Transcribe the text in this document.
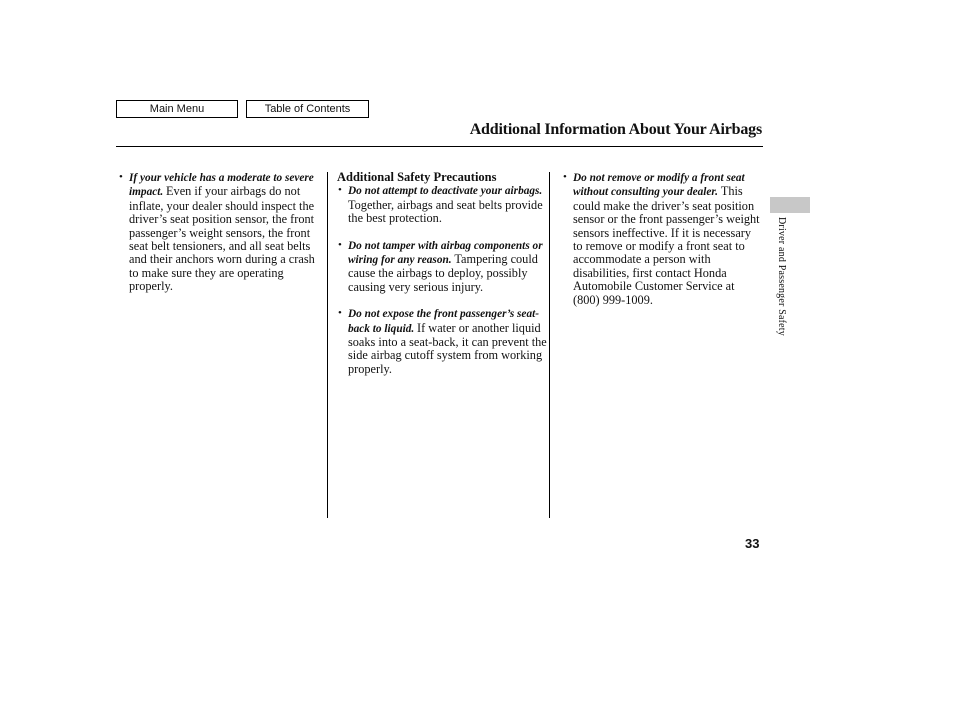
Main Menu	Table of Contents
Additional Information About Your Airbags
• If your vehicle has a moderate to severe impact. Even if your airbags do not inflate, your dealer should inspect the driver’s seat position sensor, the front passenger’s weight sensors, the front seat belt tensioners, and all seat belts and their anchors worn during a crash to make sure they are operating properly.
Additional Safety Precautions
• Do not attempt to deactivate your airbags. Together, airbags and seat belts provide the best protection.
• Do not tamper with airbag components or wiring for any reason. Tampering could cause the airbags to deploy, possibly causing very serious injury.
• Do not expose the front passenger’s seat-back to liquid. If water or another liquid soaks into a seat-back, it can prevent the side airbag cutoff system from working properly.
• Do not remove or modify a front seat without consulting your dealer. This could make the driver’s seat position sensor or the front passenger’s weight sensors ineffective. If it is necessary to remove or modify a front seat to accommodate a person with disabilities, first contact Honda Automobile Customer Service at (800) 999-1009.	Driver and Passenger Safety
33
